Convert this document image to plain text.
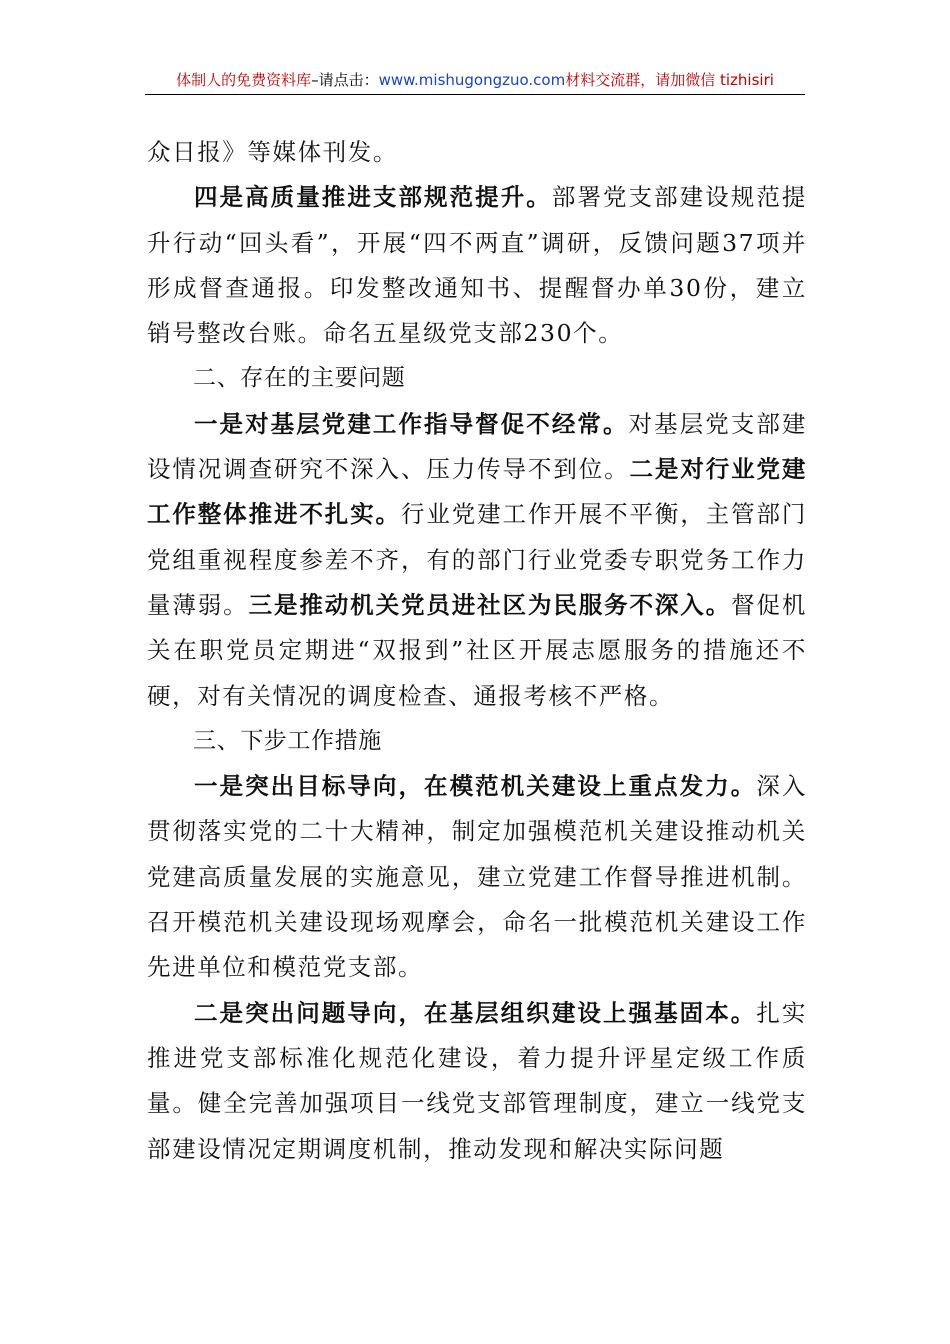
体制人的免费资料库–请点击：www.mishugongzuo.com材料交流群，请加微信 tizhisiri

众日报》等媒体刊发。

四是高质量推进支部规范提升。部署党支部建设规范提升行动“回头看”，开展“四不两直”调研，反馈问题37项并形成督查通报。印发整改通知书、提醒督办单30份，建立销号整改台账。命名五星级党支部230个。

二、存在的主要问题

一是对基层党建工作指导督促不经常。对基层党支部建设情况调查研究不深入、压力传导不到位。二是对行业党建工作整体推进不扎实。行业党建工作开展不平衡，主管部门党组重视程度参差不齐，有的部门行业党委专职党务工作力量薄弱。三是推动机关党员进社区为民服务不深入。督促机关在职党员定期进“双报到”社区开展志愿服务的措施还不硬，对有关情况的调度检查、通报考核不严格。

三、下步工作措施

一是突出目标导向，在模范机关建设上重点发力。深入贯彻落实党的二十大精神，制定加强模范机关建设推动机关党建高质量发展的实施意见，建立党建工作督导推进机制。召开模范机关建设现场观摩会，命名一批模范机关建设工作先进单位和模范党支部。

二是突出问题导向，在基层组织建设上强基固本。扎实推进党支部标准化规范化建设，着力提升评星定级工作质量。健全完善加强项目一线党支部管理制度，建立一线党支部建设情况定期调度机制，推动发现和解决实际问题
